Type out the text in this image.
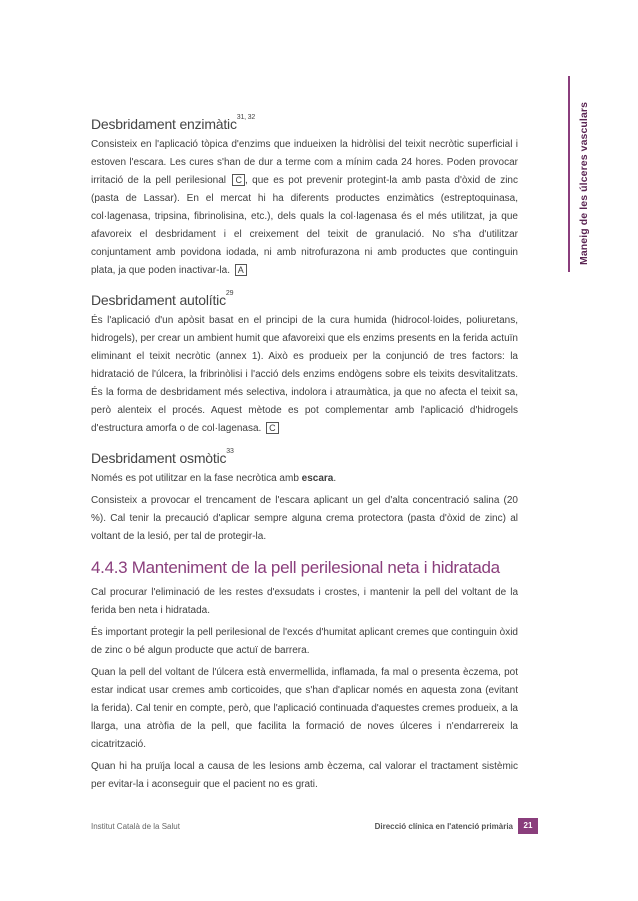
Maneig de les úlceres vasculars
Desbridament enzimàtic$^{31, 32}$

Consisteix en l'aplicació tòpica d'enzims que indueixen la hidròlisi del teixit necròtic superficial i estoven l'escara. Les cures s'han de dur a terme com a mínim cada 24 hores. Poden provocar irritació de la pell perilesional C , que es pot prevenir protegint-la amb pasta d'òxid de zinc (pasta de Lassar). En el mercat hi ha diferents productes enzimàtics (estreptoquinasa, col·lagenasa, tripsina, fibrinolisina, etc.), dels quals la col·lagenasa és el més utilitzat, ja que afavoreix el desbridament i el creixement del teixit de granulació. No s'ha d'utilitzar conjuntament amb povidona iodada, ni amb nitrofurazona ni amb productes que continguin plata, ja que poden inactivar-la. A

Desbridament autolític$^{29}$

És l'aplicació d'un apòsit basat en el principi de la cura humida (hidrocol·loides, poliuretans, hidrogels), per crear un ambient humit que afavoreixi que els enzims presents en la ferida actuïn eliminant el teixit necròtic (annex 1). Això es produeix per la conjunció de tres factors: la hidratació de l'úlcera, la fribrinòlisi i l'acció dels enzims endògens sobre els teixits desvitalitzats. És la forma de desbridament més selectiva, indolora i atraumàtica, ja que no afecta el teixit sa, però alenteix el procés. Aquest mètode es pot complementar amb l'aplicació d'hidrogels d'estructura amorfa o de col·lagenasa. C

Desbridament osmòtic$^{33}$

Només es pot utilitzar en la fase necròtica amb escara.

Consisteix a provocar el trencament de l'escara aplicant un gel d'alta concentració salina (20 %). Cal tenir la precaució d'aplicar sempre alguna crema protectora (pasta d'òxid de zinc) al voltant de la lesió, per tal de protegir-la.

4.4.3 Manteniment de la pell perilesional neta i hidratada

Cal procurar l'eliminació de les restes d'exsudats i crostes, i mantenir la pell del voltant de la ferida ben neta i hidratada.

És important protegir la pell perilesional de l'excés d'humitat aplicant cremes que continguin òxid de zinc o bé algun producte que actuï de barrera.

Quan la pell del voltant de l'úlcera està envermellida, inflamada, fa mal o presenta èczema, pot estar indicat usar cremes amb corticoides, que s'han d'aplicar només en aquesta zona (evitant la ferida). Cal tenir en compte, però, que l'aplicació continuada d'aquestes cremes produeix, a la llarga, una atròfia de la pell, que facilita la formació de noves úlceres i n'endarrereix la cicatrització.

Quan hi ha pruïja local a causa de les lesions amb èczema, cal valorar el tractament sistèmic per evitar-la i aconseguir que el pacient no es grati.

Institut Català de la Salut	Direcció clínica en l'atenció primària	21
